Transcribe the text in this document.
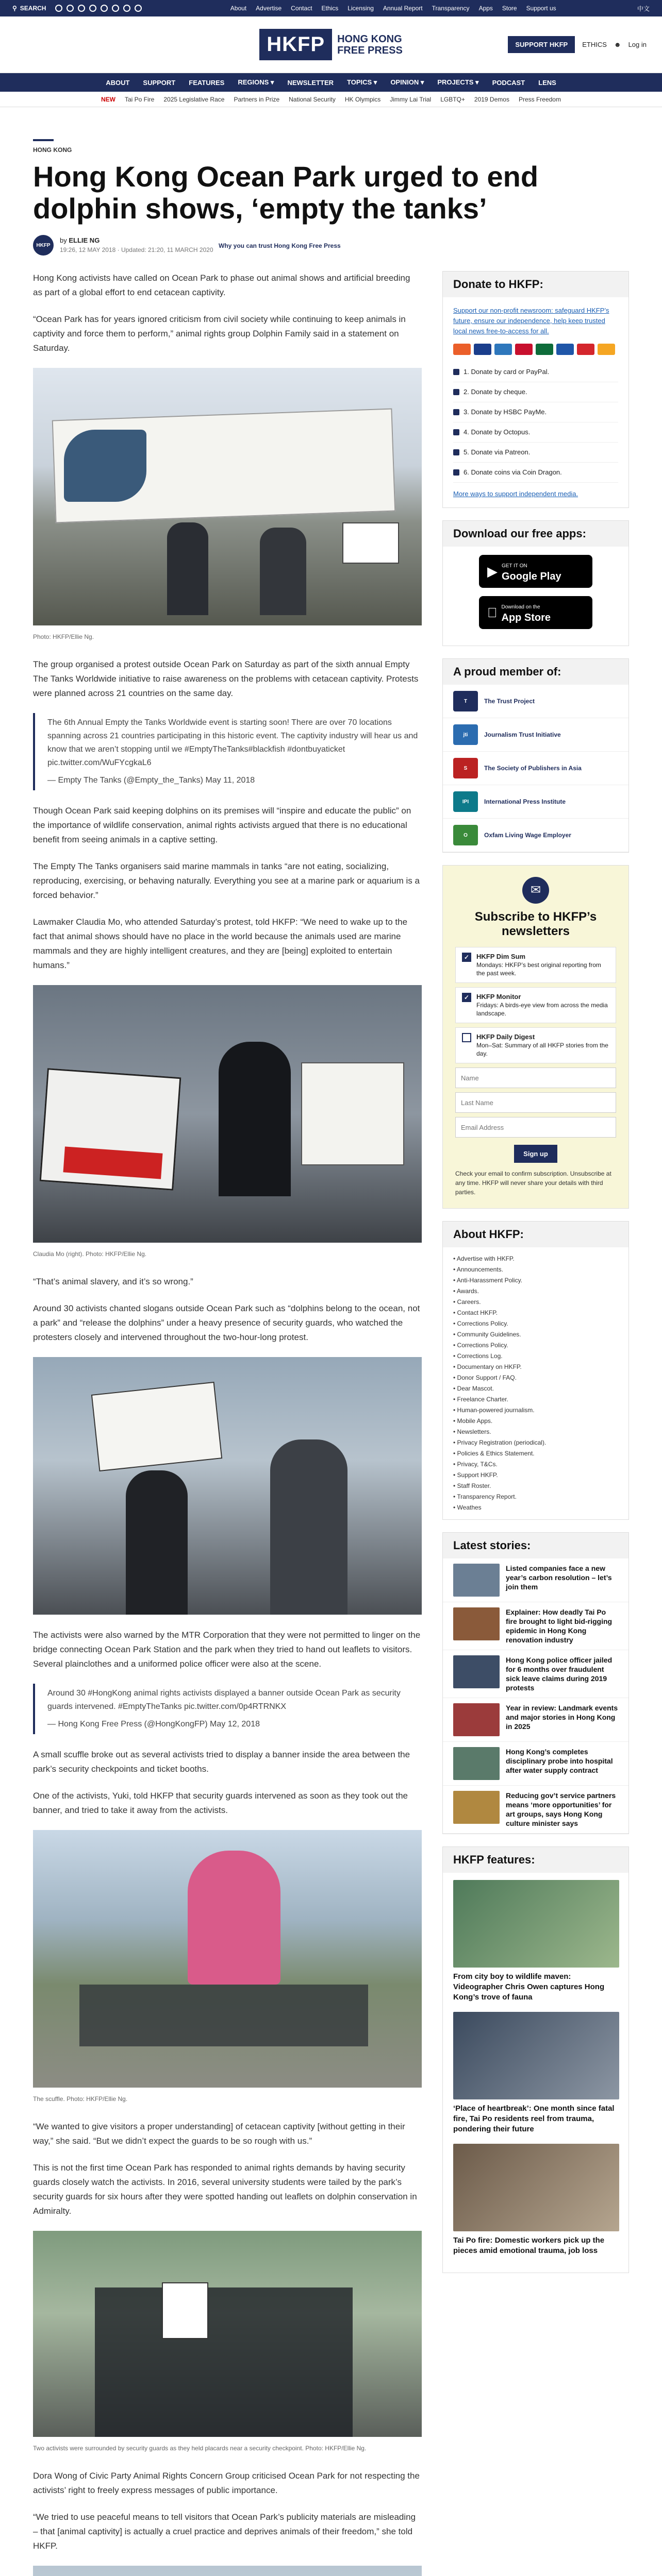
⚲ SEARCH	About Advertise Contact Ethics Licensing Annual Report Transparency Apps Store Support us	中文
HKFP	HONG KONG
FREE PRESS	SUPPORT HKFP	ETHICS ☻ Log in
ABOUT SUPPORT FEATURES REGIONS ▾ NEWSLETTER TOPICS ▾ OPINION ▾ PROJECTS ▾ PODCAST LENS
NEW Tai Po Fire 2025 Legislative Race Partners in Prize National Security HK Olympics Jimmy Lai Trial LGBTQ+ 2019 Demos Press Freedom
HONG KONG
Hong Kong Ocean Park urged to end dolphin shows, ‘empty the tanks’
HKFP
by ELLIE NG
19:26, 12 MAY 2018 · Updated: 21:20, 11 MARCH 2020
Why you can trust Hong Kong Free Press

Hong Kong activists have called on Ocean Park to phase out animal shows and artificial breeding as part of a global effort to end cetacean captivity.

“Ocean Park has for years ignored criticism from civil society while continuing to keep animals in captivity and force them to perform,” animal rights group Dolphin Family said in a statement on Saturday.

Photo: HKFP/Ellie Ng.

The group organised a protest outside Ocean Park on Saturday as part of the sixth annual Empty The Tanks Worldwide initiative to raise awareness on the problems with cetacean captivity. Protests were planned across 21 countries on the same day.

The 6th Annual Empty the Tanks Worldwide event is starting soon! There are over 70 locations spanning across 21 countries participating in this historic event. The captivity industry will hear us and know that we aren’t stopping until we #EmptyTheTanks#blackfish #dontbuyaticket pic.twitter.com/WuFYcgkaL6
— Empty The Tanks (@Empty_the_Tanks) May 11, 2018

Though Ocean Park said keeping dolphins on its premises will “inspire and educate the public” on the importance of wildlife conservation, animal rights activists argued that there is no educational benefit from seeing animals in a captive setting.

The Empty The Tanks organisers said marine mammals in tanks “are not eating, socializing, reproducing, exercising, or behaving naturally. Everything you see at a marine park or aquarium is a forced behavior.”

Lawmaker Claudia Mo, who attended Saturday’s protest, told HKFP: “We need to wake up to the fact that animal shows should have no place in the world because the animals used are marine mammals and they are highly intelligent creatures, and they are [being] exploited to entertain humans.”

Claudia Mo (right). Photo: HKFP/Ellie Ng.

“That’s animal slavery, and it’s so wrong.”

Around 30 activists chanted slogans outside Ocean Park such as “dolphins belong to the ocean, not a park” and “release the dolphins” under a heavy presence of security guards, who watched the protesters closely and intervened throughout the two-hour-long protest.

The activists were also warned by the MTR Corporation that they were not permitted to linger on the bridge connecting Ocean Park Station and the park when they tried to hand out leaflets to visitors. Several plainclothes and a uniformed police officer were also at the scene.

Around 30 #HongKong animal rights activists displayed a banner outside Ocean Park as security guards intervened. #EmptyTheTanks pic.twitter.com/0p4RTRNKX
— Hong Kong Free Press (@HongKongFP) May 12, 2018

A small scuffle broke out as several activists tried to display a banner inside the area between the park’s security checkpoints and ticket booths.

One of the activists, Yuki, told HKFP that security guards intervened as soon as they took out the banner, and tried to take it away from the activists.

The scuffle. Photo: HKFP/Ellie Ng.

“We wanted to give visitors a proper understanding] of cetacean captivity [without getting in their way,” she said. “But we didn’t expect the guards to be so rough with us.”

This is not the first time Ocean Park has responded to animal rights demands by having security guards closely watch the activists. In 2016, several university students were tailed by the park’s security guards for six hours after they were spotted handing out leaflets on dolphin conservation in Admiralty.

Two activists were surrounded by security guards as they held placards near a security checkpoint. Photo: HKFP/Ellie Ng.

Dora Wong of Civic Party Animal Rights Concern Group criticised Ocean Park for not respecting the activists’ right to freely express messages of public importance.

“We tried to use peaceful means to tell visitors that Ocean Park’s publicity materials are misleading – that [animal captivity] is actually a cruel practice and deprives animals of their freedom,” she told HKFP.

Donate to HKFP:
Support our non-profit newsroom: safeguard HKFP’s future, ensure our independence, help keep trusted local news free-to-access for all.
1. Donate by card or PayPal.
2. Donate by cheque.
3. Donate by HSBC PayMe.
4. Donate by Octopus.
5. Donate via Patreon.
6. Donate coins via Coin Dragon.
More ways to support independent media.
Download our free apps:
▶ GET IT ON
Google Play
Download on the
App Store
A proud member of:
T	The Trust Project
jti	Journalism Trust Initiative
S	The Society of Publishers in Asia
IPI	International Press Institute
O	Oxfam Living Wage Employer
✉
Subscribe to HKFP’s newsletters
✓	HKFP Dim Sum
Mondays: HKFP’s best original reporting from the past week.
✓	HKFP Monitor
Fridays: A birds-eye view from across the media landscape.
HKFP Daily Digest
Mon–Sat: Summary of all HKFP stories from the day.
Name Last Name Email Address
Sign up
Check your email to confirm subscription. Unsubscribe at any time. HKFP will never share your details with third parties.
About HKFP:
• Advertise with HKFP.
• Announcements.
• Anti-Harassment Policy.
• Awards.
• Careers.
• Contact HKFP.
• Corrections Policy.
• Community Guidelines.
• Corrections Policy.
• Corrections Log.
• Documentary on HKFP.
• Donor Support / FAQ.
• Dear Mascot.
• Freelance Charter.
• Human-powered journalism.
• Mobile Apps.
• Newsletters.
• Privacy Registration (periodical).
• Policies & Ethics Statement.
• Privacy, T&Cs.
• Support HKFP.
• Staff Roster.
• Transparency Report.
• Weathes
Latest stories:
Listed companies face a new year’s carbon resolution – let’s join them
Explainer: How deadly Tai Po fire brought to light bid-rigging epidemic in Hong Kong renovation industry
Hong Kong police officer jailed for 6 months over fraudulent sick leave claims during 2019 protests
Year in review: Landmark events and major stories in Hong Kong in 2025
Hong Kong’s completes disciplinary probe into hospital after water supply contract
Reducing gov’t service partners means ‘more opportunities’ for art groups, says Hong Kong culture minister says
HKFP features:
From city boy to wildlife maven: Videographer Chris Owen captures Hong Kong’s trove of fauna
‘Place of heartbreak’: One month since fatal fire, Tai Po residents reel from trauma, pondering their future
Tai Po fire: Domestic workers pick up the pieces amid emotional trauma, job loss
